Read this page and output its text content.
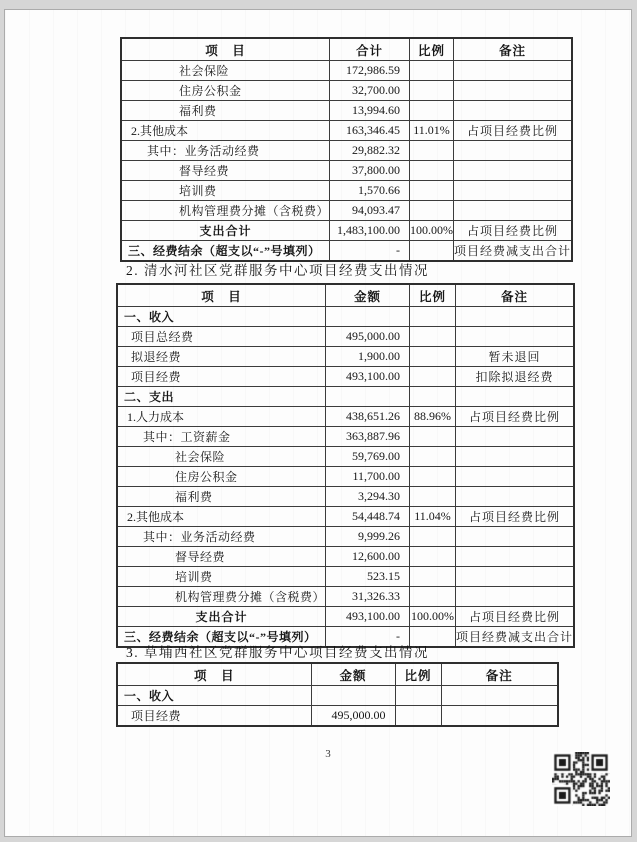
项　目	合计	比例	备注
社会保险	172,986.59		
住房公积金	32,700.00		
福利费	13,994.60		
2.其他成本	163,346.45	11.01%	占项目经费比例
其中：业务活动经费	29,882.32		
督导经费	37,800.00		
培训费	1,570.66		
机构管理费分摊（含税费）	94,093.47		
支出合计	1,483,100.00	100.00%	占项目经费比例
三、经费结余（超支以“-”号填列）	-		项目经费减支出合计
2. 清水河社区党群服务中心项目经费支出情况
项　目	金额	比例	备注
一、收入			
项目总经费	495,000.00		
拟退经费	1,900.00		暂未退回
项目经费	493,100.00		扣除拟退经费
二、支出			
1.人力成本	438,651.26	88.96%	占项目经费比例
其中：工资薪金	363,887.96		
社会保险	59,769.00		
住房公积金	11,700.00		
福利费	3,294.30		
2.其他成本	54,448.74	11.04%	占项目经费比例
其中：业务活动经费	9,999.26		
督导经费	12,600.00		
培训费	523.15		
机构管理费分摊（含税费）	31,326.33		
支出合计	493,100.00	100.00%	占项目经费比例
三、经费结余（超支以“-”号填列）	-		项目经费减支出合计
3. 草埔西社区党群服务中心项目经费支出情况
项　目	金额	比例	备注
一、收入			
项目经费	495,000.00		
3
